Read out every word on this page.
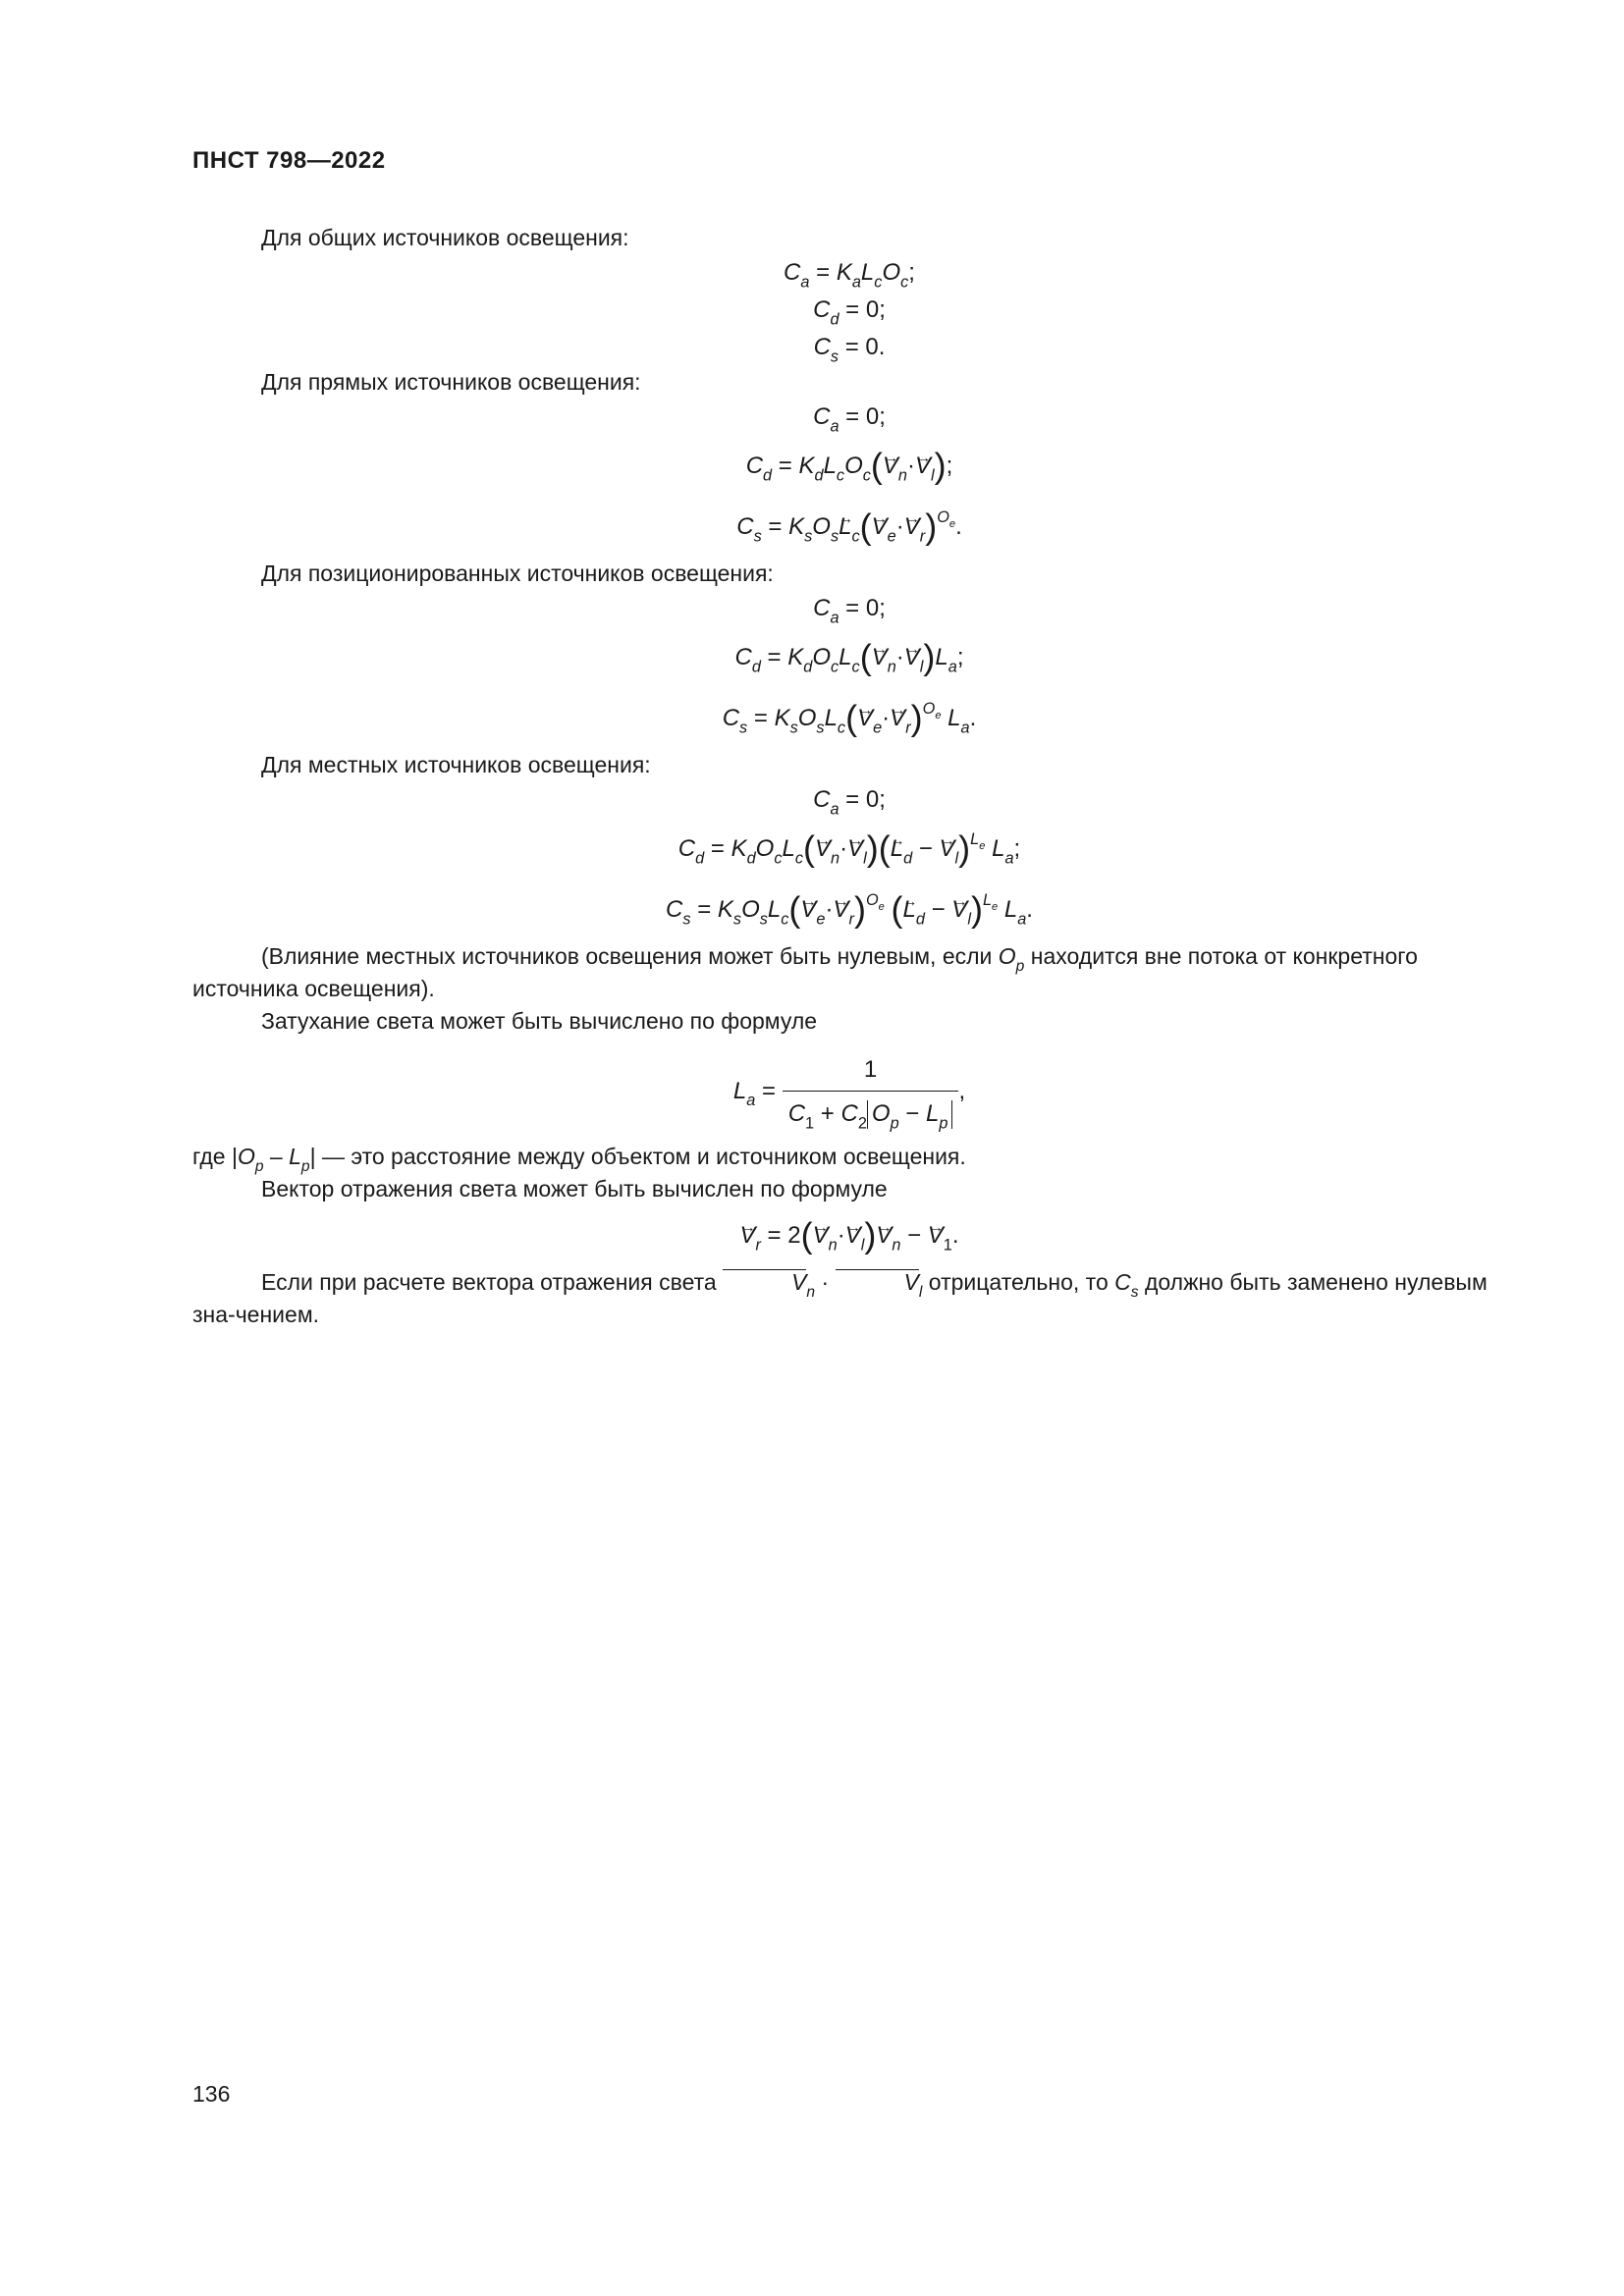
ПНСТ 798—2022

Для общих источников освещения:

$C_a = K_aL_cO_c$;

$C_d = 0$;

$C_s = 0$.

Для прямых источников освещения:

$C_a = 0$;

$C_d = K_dL_cO_c(\to V_n\cdot\to V_l)$;

$C_s = K_sO_s\to L_c(\to V_e\cdot\to V_r)^{O_e}$.

Для позиционированных источников освещения:

$C_a = 0$;

$C_d = K_dO_cL_c(\to V_n\cdot\to V_l)L_a$;

$C_s = K_sO_sL_c(\to V_e\cdot\to V_r)^{O_e}$ $L_a$.

Для местных источников освещения:

$C_a = 0$;

$C_d = K_dO_cL_c(\to V_n\cdot\to V_l)(\to L_d$ − → $V_l)^{L_e}$ $L_a$;

$C_s = K_sO_sL_c(\to V_e\cdot\to V_r)^{O_e}$ (→ $L_d$ − → $V_l)^{L_e}$ $L_a$.

(Влияние местных источников освещения может быть нулевым, если $O_p$ находится вне потока от конкретного источника освещения).

Затухание света может быть вычислено по формуле

$L_a = \frac{1}{C_1 + C_2 O_p - L_p}$ ,

где $|O_p - L_p|$ — это расстояние между объектом и источником освещения.

Вектор отражения света может быть вычислен по формуле

→ $V_r = 2(\to V_n\cdot\to V_l)\to V_n$ − → $V_1$.

Если при расчете вектора отражения света	$V_n$ ·	$V_l$ отрицательно, то $C_s$ должно быть заменено нулевым зна-чением.

136
